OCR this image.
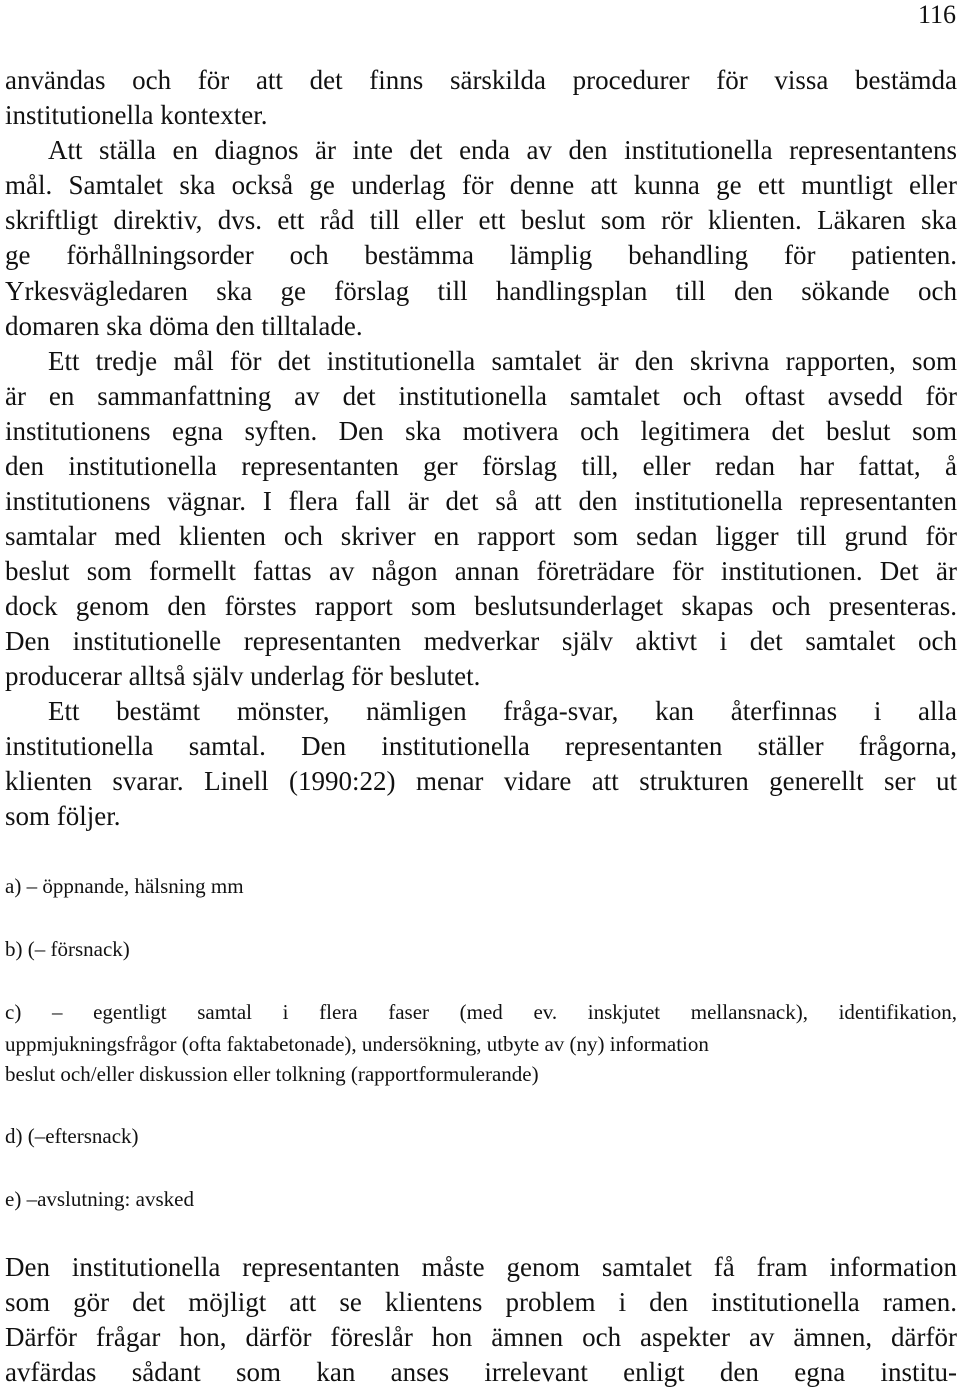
116
användas och för att det finns särskilda procedurer för vissa bestämda
institutionella kontexter.
Att ställa en diagnos är inte det enda av den institutionella representantens
mål. Samtalet ska också ge underlag för denne att kunna ge ett muntligt eller
skriftligt direktiv, dvs. ett råd till eller ett beslut som rör klienten. Läkaren ska
ge förhållningsorder och bestämma lämplig behandling för patienten.
Yrkesvägledaren ska ge förslag till handlingsplan till den sökande och
domaren ska döma den tilltalade.
Ett tredje mål för det institutionella samtalet är den skrivna rapporten, som
är en sammanfattning av det institutionella samtalet och oftast avsedd för
institutionens egna syften. Den ska motivera och legitimera det beslut som
den institutionella representanten ger förslag till, eller redan har fattat, å
institutionens vägnar. I flera fall är det så att den institutionella representanten
samtalar med klienten och skriver en rapport som sedan ligger till grund för
beslut som formellt fattas av någon annan företrädare för institutionen. Det är
dock genom den förstes rapport som beslutsunderlaget skapas och presenteras.
Den institutionelle representanten medverkar själv aktivt i det samtalet och
producerar alltså själv underlag för beslutet.
Ett bestämt mönster, nämligen fråga-svar, kan återfinnas i alla
institutionella samtal. Den institutionella representanten ställer frågorna,
klienten svarar. Linell (1990:22) menar vidare att strukturen generellt ser ut
som följer.
a) – öppnande, hälsning mm
b) (– försnack)
c) – egentligt samtal i flera faser (med ev. inskjutet mellansnack), identifikation,
uppmjukningsfrågor (ofta faktabetonade), undersökning, utbyte av (ny) information
beslut och/eller diskussion eller tolkning (rapportformulerande)
d) (–eftersnack)
e) –avslutning: avsked
Den institutionella representanten måste genom samtalet få fram information
som gör det möjligt att se klientens problem i den institutionella ramen.
Därför frågar hon, därför föreslår hon ämnen och aspekter av ämnen, därför
avfärdas sådant som kan anses irrelevant enligt den egna institu-
